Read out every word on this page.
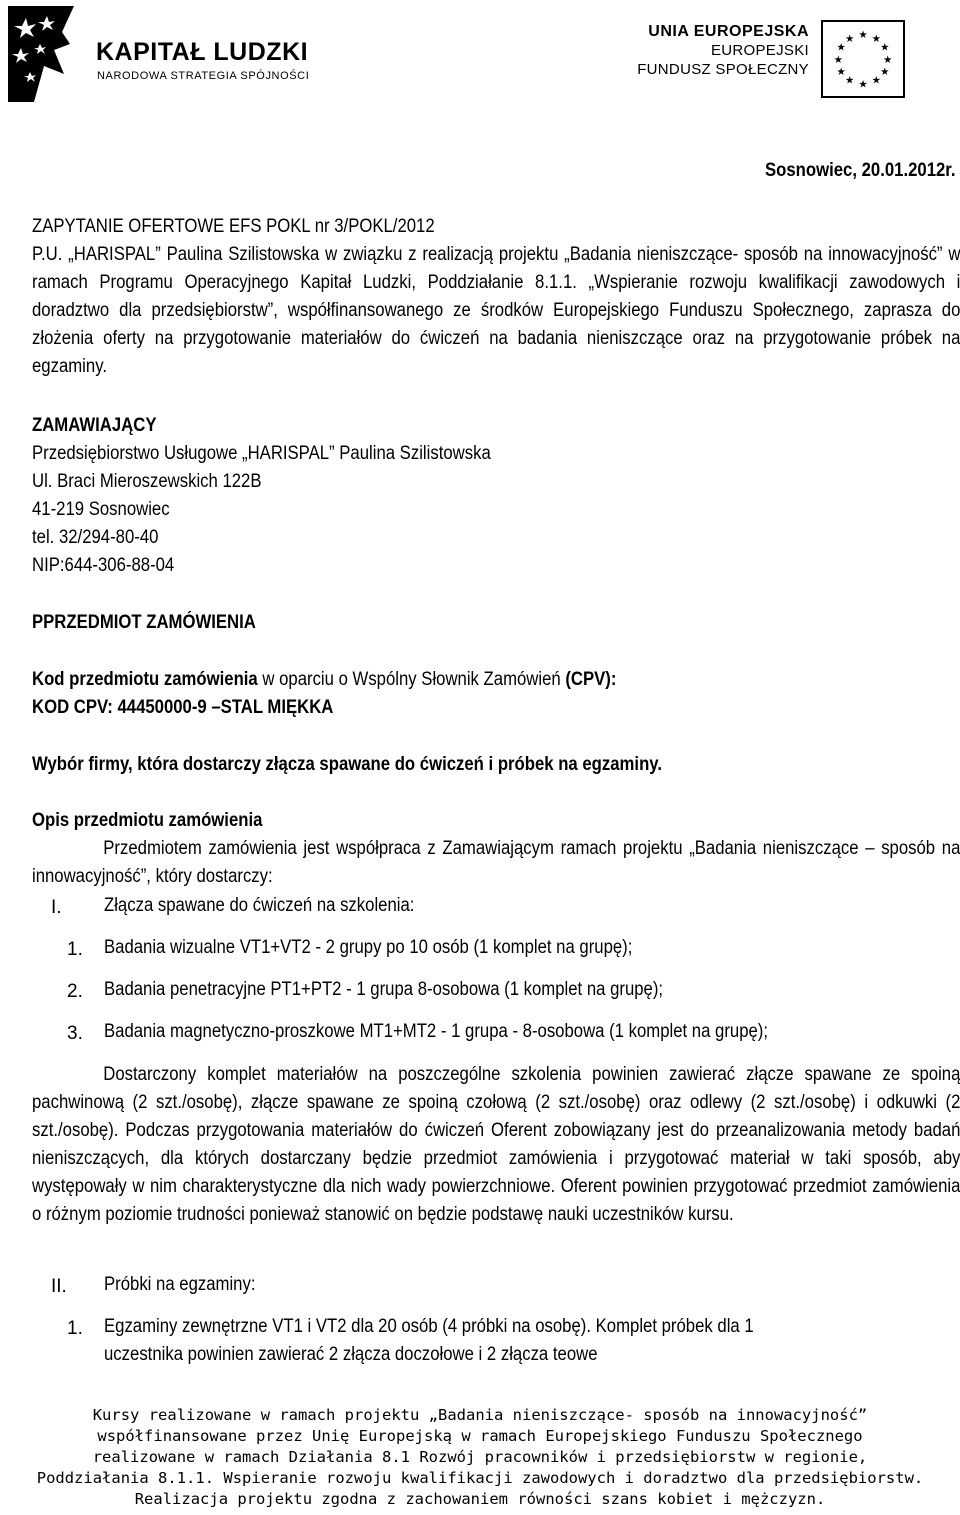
KAPITAŁ LUDZKI
NARODOWA STRATEGIA SPÓJNOŚCI
UNIA EUROPEJSKA
EUROPEJSKI
FUNDUSZ SPOŁECZNY
★ ★
★
★
★
★
★
★
★
★
★
★
Sosnowiec, 20.01.2012r.
ZAPYTANIE OFERTOWE EFS POKL nr 3/POKL/2012
P.U. „HARISPAL” Paulina Szilistowska w związku z realizacją projektu „Badania nieniszczące- sposób na innowacyjność” w ramach Programu Operacyjnego Kapitał Ludzki, Poddziałanie 8.1.1. „Wspieranie rozwoju kwalifikacji zawodowych i doradztwo dla przedsiębiorstw”, współfinansowanego ze środków Europejskiego Funduszu Społecznego, zaprasza do złożenia oferty na przygotowanie materiałów do ćwiczeń na badania nieniszczące oraz na przygotowanie próbek na egzaminy.
ZAMAWIAJĄCY
Przedsiębiorstwo Usługowe „HARISPAL” Paulina Szilistowska
Ul. Braci Mieroszewskich 122B
41-219 Sosnowiec
tel. 32/294-80-40
NIP:644-306-88-04
PPRZEDMIOT ZAMÓWIENIA
Kod przedmiotu zamówienia w oparciu o Wspólny Słownik Zamówień (CPV):
KOD CPV: 44450000-9 –STAL MIĘKKA
Wybór firmy, która dostarczy złącza spawane do ćwiczeń i próbek na egzaminy.
Opis przedmiotu zamówienia
Przedmiotem zamówienia jest współpraca z Zamawiającym ramach projektu „Badania nieniszczące – sposób na innowacyjność”, który dostarczy:
I. Złącza spawane do ćwiczeń na szkolenia:
1. Badania wizualne VT1+VT2 - 2 grupy po 10 osób (1 komplet na grupę);
2. Badania penetracyjne PT1+PT2 - 1 grupa 8-osobowa (1 komplet na grupę);
3. Badania magnetyczno-proszkowe MT1+MT2 - 1 grupa - 8-osobowa (1 komplet na grupę);
Dostarczony komplet materiałów na poszczególne szkolenia powinien zawierać złącze spawane ze spoiną pachwinową (2 szt./osobę), złącze spawane ze spoiną czołową (2 szt./osobę) oraz odlewy (2 szt./osobę) i odkuwki (2 szt./osobę). Podczas przygotowania materiałów do ćwiczeń Oferent zobowiązany jest do przeanalizowania metody badań nieniszczących, dla których dostarczany będzie przedmiot zamówienia i przygotować materiał w taki sposób, aby występowały w nim charakterystyczne dla nich wady powierzchniowe. Oferent powinien przygotować przedmiot zamówienia o różnym poziomie trudności ponieważ stanowić on będzie podstawę nauki uczestników kursu.
II. Próbki na egzaminy:
1. Egzaminy zewnętrzne VT1 i VT2 dla 20 osób (4 próbki na osobę). Komplet próbek dla 1
uczestnika powinien zawierać 2 złącza doczołowe i 2 złącza teowe
Kursy realizowane w ramach projektu „Badania nieniszczące- sposób na innowacyjność”
współfinansowane przez Unię Europejską w ramach Europejskiego Funduszu Społecznego
realizowane w ramach Działania 8.1 Rozwój pracowników i przedsiębiorstw w regionie,
Poddziałania 8.1.1. Wspieranie rozwoju kwalifikacji zawodowych i doradztwo dla przedsiębiorstw.
Realizacja projektu zgodna z zachowaniem równości szans kobiet i mężczyzn.
